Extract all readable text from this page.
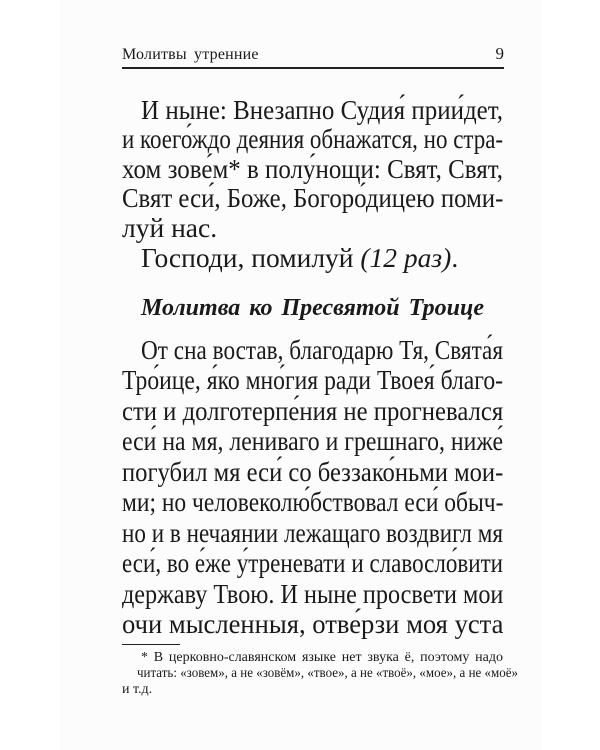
Молитвы утренние	9
И ныне: Внезапно Судия́ прии́дет,
и коего́ждо деяния обнажатся, но стра-
хом зове́м* в полу́нощи: Свят, Свят,
Свят еси́, Боже, Богоро́дицею поми-
луй нас.
Господи, помилуй (12 раз).
Молитва ко Пресвятой Троице
От сна востав, благодарю Тя, Свята́я
Тро́ице, я́ко мно́гия ради Твоея́ благо-
сти и долготерпе́ния не прогневался
еси́ на мя, лениваго и грешнаго, ниже́
погубил мя еси́ со беззако́ньми мои-
ми; но человеколю́бствовал еси́ обыч-
но и в нечаянии лежащаго воздвигл мя
еси́, во е́же у́треневати и славосло́вити
державу Твою. И ныне просвети мои
очи мысленныя, отве́рзи моя уста
* В церковно-славянском языке нет звука ё, поэтому надо
читать: «зовем», а не «зовём», «твое», а не «твоё», «мое», а не «моё»
и т.д.
